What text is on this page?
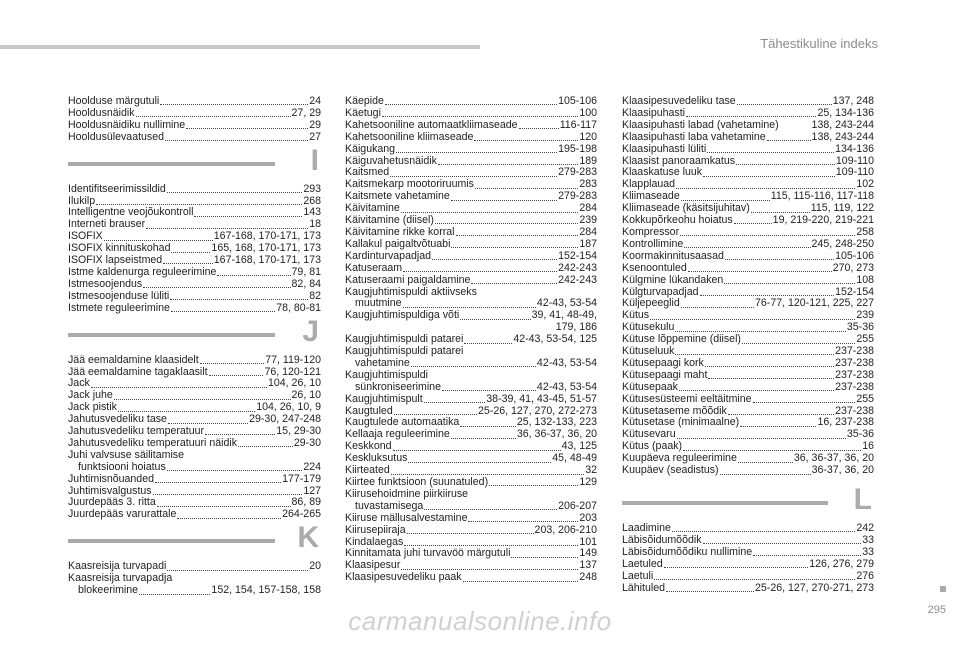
Tähestikuline indeks
Hoolduse märgutuli	24
Hooldusnäidik	27, 29
Hooldusnäidiku nullimine	29
Hooldusülevaatused	27
I
Identifitseerimissildid	293
Ilukilp	268
Intelligentne veojõukontroll	143
Interneti brauser	18
ISOFIX	167-168, 170-171, 173
ISOFIX kinnituskohad	165, 168, 170-171, 173
ISOFIX lapseistmed	167-168, 170-171, 173
Istme kaldenurga reguleerimine	79, 81
Istmesoojendus	82, 84
Istmesoojenduse lüliti	82
Istmete reguleerimine	78, 80-81
J
Jää eemaldamine klaasidelt	77, 119-120
Jää eemaldamine tagaklaasilt	76, 120-121
Jack	104, 26, 10
Jack juhe	26, 10
Jack pistik	104, 26, 10, 9
Jahutusvedeliku tase	29-30, 247-248
Jahutusvedeliku temperatuur	15, 29-30
Jahutusvedeliku temperatuuri näidik	29-30
Juhi valvsuse säilitamise
funktsiooni hoiatus	224
Juhtimisnõuanded	177-179
Juhtimisvalgustus	127
Juurdepääs 3. ritta	86, 89
Juurdepääs varurattale	264-265
K
Kaasreisija turvapadi	20
Kaasreisija turvapadja
blokeerimine	152, 154, 157-158, 158
Käepide	105-106
Käetugi	100
Kahetsooniline automaatkliimaseade	116-117
Kahetsooniline kliimaseade	120
Käigukang	195-198
Käiguvahetusnäidik	189
Kaitsmed	279-283
Kaitsmekarp mootoriruumis	283
Kaitsmete vahetamine	279-283
Käivitamine	284
Käivitamine (diisel)	239
Käivitamine rikke korral	284
Kallakul paigaltvõtuabi	187
Kardinturvapadjad	152-154
Katuseraam	242-243
Katuseraami paigaldamine	242-243
Kaugjuhtimispuldi aktiivseks
muutmine	42-43, 53-54
Kaugjuhtimispuldiga võti	39, 41, 48-49,
179, 186
Kaugjuhtimispuldi patarei	42-43, 53-54, 125
Kaugjuhtimispuldi patarei
vahetamine	42-43, 53-54
Kaugjuhtimispuldi
sünkroniseerimine	42-43, 53-54
Kaugjuhtimispult	38-39, 41, 43-45, 51-57
Kaugtuled	25-26, 127, 270, 272-273
Kaugtulede automaatika	25, 132-133, 223
Kellaaja reguleerimine	36, 36-37, 36, 20
Keskkond	43, 125
Keskluksutus	45, 48-49
Kiirteated	32
Kiirtee funktsioon (suunatuled)	129
Kiirusehoidmine piirkiiruse
tuvastamisega	206-207
Kiiruse mällusalvestamine	203
Kiirusepiiraja	203, 206-210
Kindalaegas	101
Kinnitamata juhi turvavöö märgutuli	149
Klaasipesur	137
Klaasipesuvedeliku paak	248
Klaasipesuvedeliku tase	137, 248
Klaasipuhasti	25, 134-136
Klaasipuhasti labad (vahetamine)	138, 243-244
Klaasipuhasti laba vahetamine	138, 243-244
Klaasipuhasti lüliti	134-136
Klaasist panoraamkatus	109-110
Klaaskatuse luuk	109-110
Klapplauad	102
Kliimaseade	115, 115-116, 117-118
Kliimaseade (käsitsijuhitav)	115, 119, 122
Kokkupõrkeohu hoiatus	19, 219-220, 219-221
Kompressor	258
Kontrollimine	245, 248-250
Koormakinnitusaasad	105-106
Ksenoontuled	270, 273
Külgmine lükandaken	108
Külgturvapadjad	152-154
Küljepeeglid	76-77, 120-121, 225, 227
Kütus	239
Kütusekulu	35-36
Kütuse lõppemine (diisel)	255
Kütuseluuk	237-238
Kütusepaagi kork	237-238
Kütusepaagi maht	237-238
Kütusepaak	237-238
Kütusesüsteemi eeltäitmine	255
Kütusetaseme mõõdik	237-238
Kütusetase (minimaalne)	16, 237-238
Kütusevaru	35-36
Kütus (paak)	16
Kuupäeva reguleerimine	36, 36-37, 36, 20
Kuupäev (seadistus)	36-37, 36, 20
L
Laadimine	242
Läbisõidumõõdik	33
Läbisõidumõõdiku nullimine	33
Laetuled	126, 276, 279
Laetuli	276
Lähituled	25-26, 127, 270-271, 273
295
carmanualsonline.info
